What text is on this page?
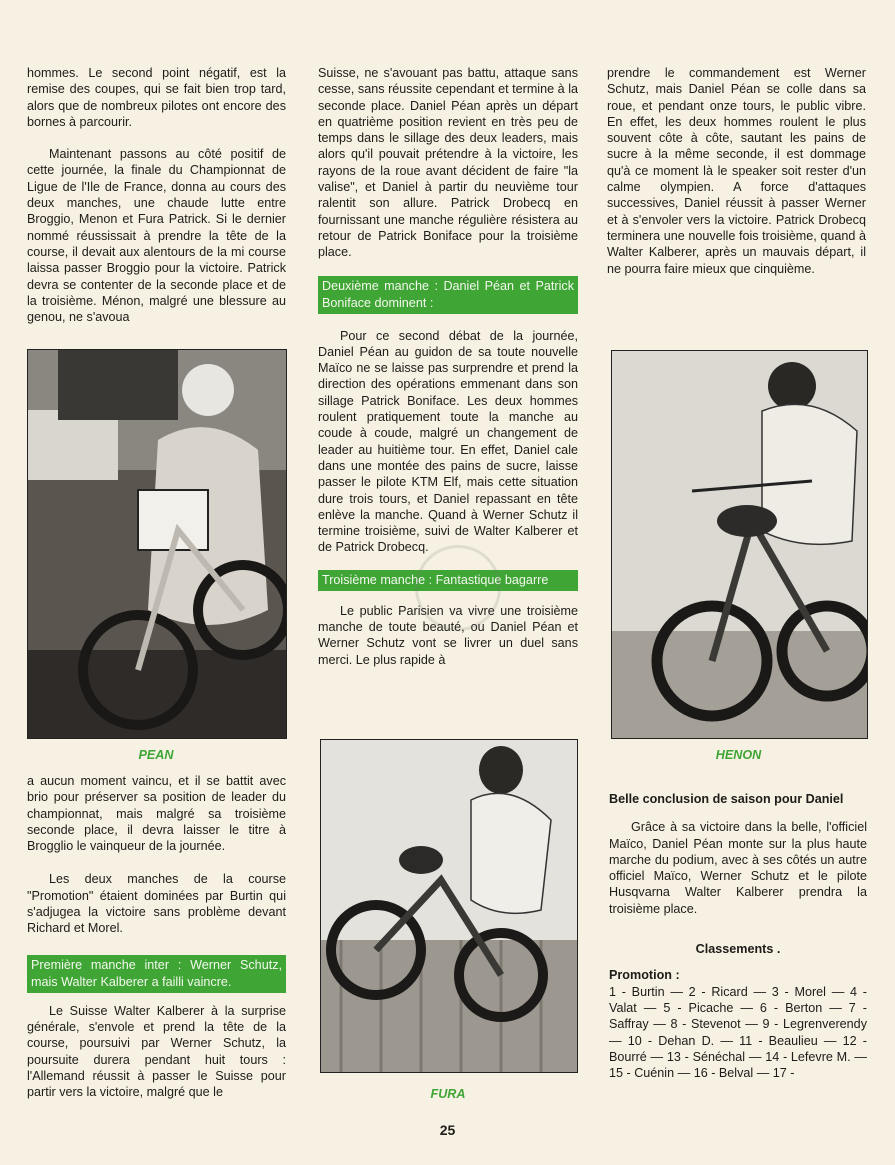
hommes. Le second point négatif, est la remise des coupes, qui se fait bien trop tard, alors que de nombreux pilotes ont encore des bornes à parcourir.

Maintenant passons au côté positif de cette journée, la finale du Championnat de Ligue de l'Ile de France, donna au cours des deux manches, une chaude lutte entre Broggio, Menon et Fura Patrick. Si le dernier nommé réussissait à prendre la tête de la course, il devait aux alentours de la mi course laissa passer Broggio pour la victoire. Patrick devra se contenter de la seconde place et de la troisième. Ménon, malgré une blessure au genou, ne s'avoua

PEAN

a aucun moment vaincu, et il se battit avec brio pour préserver sa position de leader du championnat, mais malgré sa troisième seconde place, il devra laisser le titre à Brogglio le vainqueur de la journée.

Les deux manches de la course "Promotion" étaient dominées par Burtin qui s'adjugea la victoire sans problème devant Richard et Morel.

Première manche inter : Werner Schutz, mais Walter Kalberer a failli vaincre.

Le Suisse Walter Kalberer à la surprise générale, s'envole et prend la tête de la course, poursuivi par Werner Schutz, la poursuite durera pendant huit tours : l'Allemand réussit à passer le Suisse pour partir vers la victoire, malgré que le

Suisse, ne s'avouant pas battu, attaque sans cesse, sans réussite cependant et termine à la seconde place. Daniel Péan après un départ en quatrième position revient en très peu de temps dans le sillage des deux leaders, mais alors qu'il pouvait prétendre à la victoire, les rayons de la roue avant décident de faire "la valise", et Daniel à partir du neuvième tour ralentit son allure. Patrick Drobecq en fournissant une manche régulière résistera au retour de Patrick Boniface pour la troisième place.

Deuxième manche : Daniel Péan et Patrick Boniface dominent :

Pour ce second débat de la journée, Daniel Péan au guidon de sa toute nouvelle Maïco ne se laisse pas surprendre et prend la direction des opérations emmenant dans son sillage Patrick Boniface. Les deux hommes roulent pratiquement toute la manche au coude à coude, malgré un changement de leader au huitième tour. En effet, Daniel cale dans une montée des pains de sucre, laisse passer le pilote KTM Elf, mais cette situation dure trois tours, et Daniel repassant en tête enlève la manche. Quand à Werner Schutz il termine troisième, suivi de Walter Kalberer et de Patrick Drobecq.

Troisième manche : Fantastique bagarre

Le public Parisien va vivre une troisième manche de toute beauté, ou Daniel Péan et Werner Schutz vont se livrer un duel sans merci. Le plus rapide à

FURA

prendre le commandement est Werner Schutz, mais Daniel Péan se colle dans sa roue, et pendant onze tours, le public vibre. En effet, les deux hommes roulent le plus souvent côte à côte, sautant les pains de sucre à la même seconde, il est dommage qu'à ce moment là le speaker soit rester d'un calme olympien. A force d'attaques successives, Daniel réussit à passer Werner et à s'envoler vers la victoire. Patrick Drobecq terminera une nouvelle fois troisième, quand à Walter Kalberer, après un mauvais départ, il ne pourra faire mieux que cinquième.

HENON

Belle conclusion de saison pour Daniel

Grâce à sa victoire dans la belle, l'officiel Maïco, Daniel Péan monte sur la plus haute marche du podium, avec à ses côtés un autre officiel Maïco, Werner Schutz et le pilote Husqvarna Walter Kalberer prendra la troisième place.

Classements .

Promotion :

1 - Burtin — 2 - Ricard — 3 - Morel — 4 - Valat — 5 - Picache — 6 - Berton — 7 - Saffray — 8 - Stevenot — 9 - Legrenverendy — 10 - Dehan D. — 11 - Beaulieu — 12 - Bourré — 13 - Sénéchal — 14 - Lefevre M. — 15 - Cuénin — 16 - Belval — 17 -

25
